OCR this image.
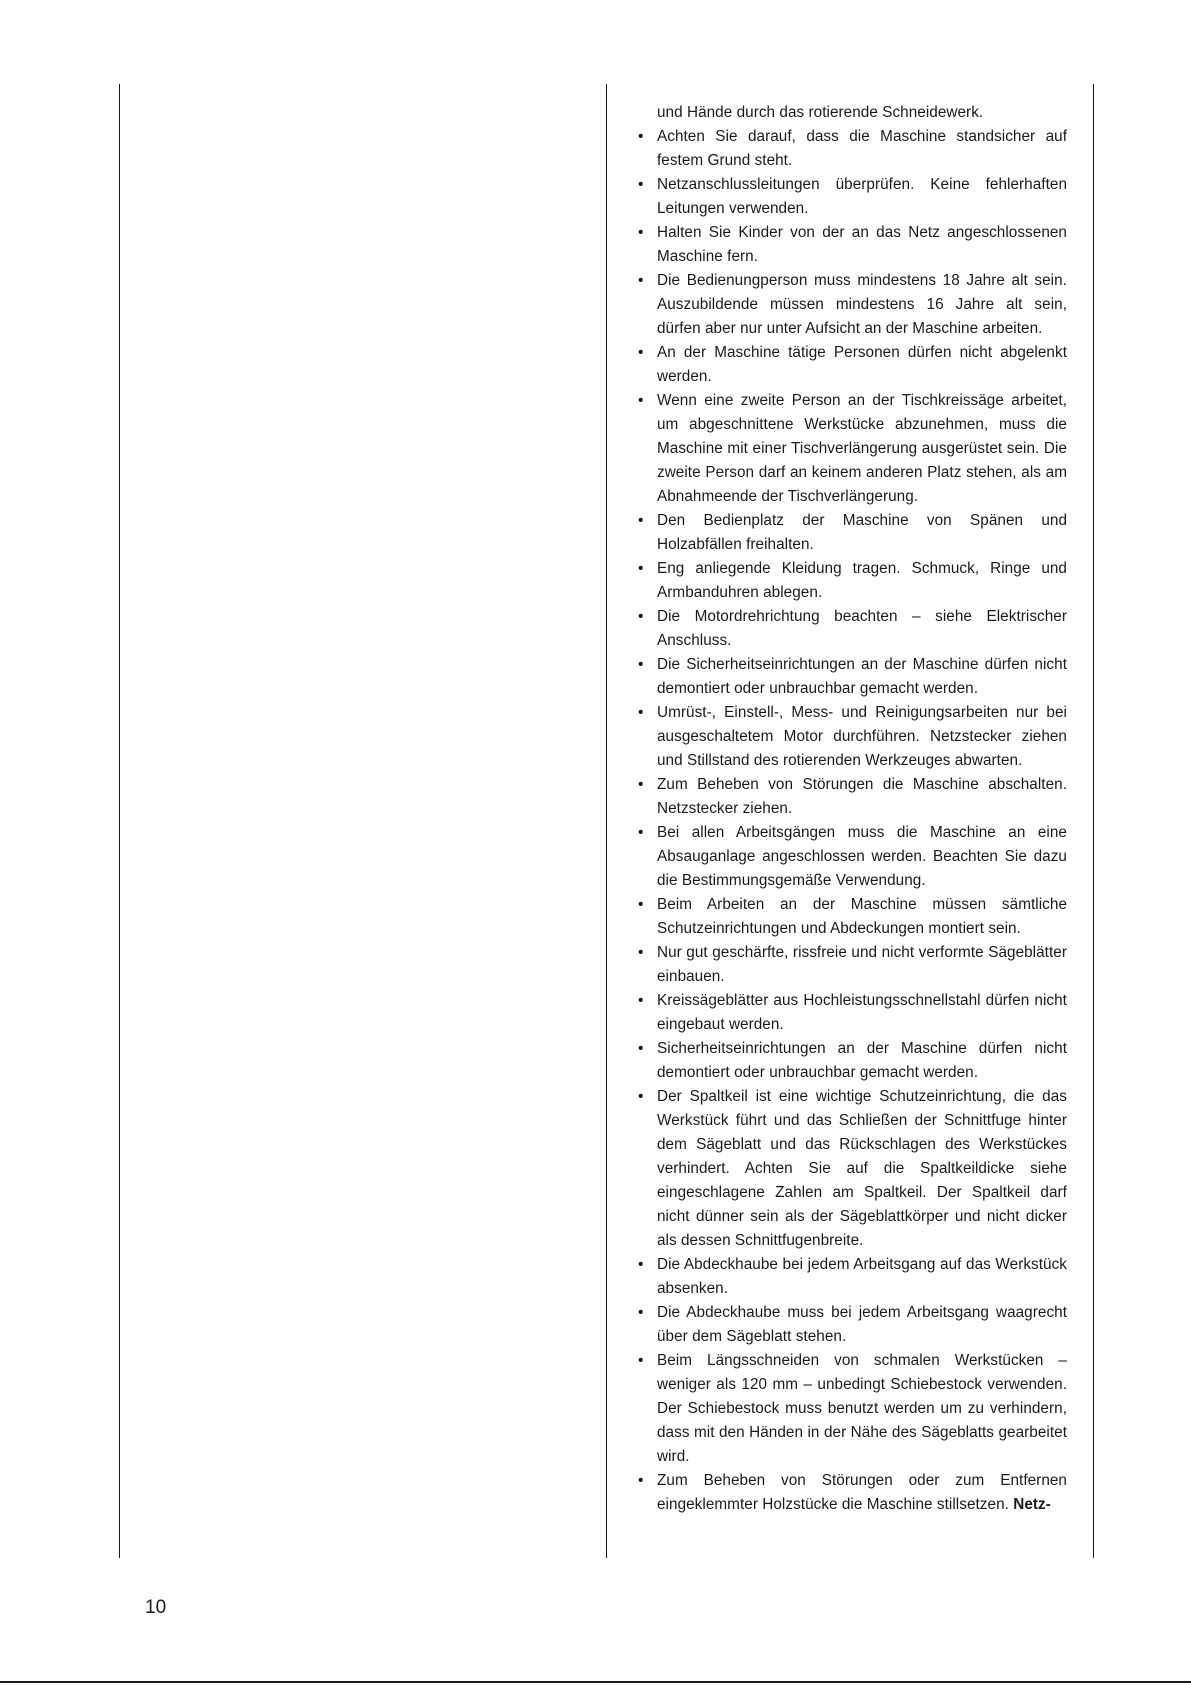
und Hände durch das rotierende Schneidewerk.

• Achten Sie darauf, dass die Maschine standsicher auf festem Grund steht.
• Netzanschlussleitungen überprüfen. Keine fehlerhaften Leitungen verwenden.
• Halten Sie Kinder von der an das Netz angeschlossenen Maschine fern.
• Die Bedienungperson muss mindestens 18 Jahre alt sein. Auszubildende müssen mindestens 16 Jahre alt sein, dürfen aber nur unter Aufsicht an der Maschine arbeiten.
• An der Maschine tätige Personen dürfen nicht abgelenkt werden.
• Wenn eine zweite Person an der Tischkreissäge arbeitet, um abgeschnittene Werkstücke abzunehmen, muss die Maschine mit einer Tischverlängerung ausgerüstet sein. Die zweite Person darf an keinem anderen Platz stehen, als am Abnahmeende der Tischverlängerung.
• Den Bedienplatz der Maschine von Spänen und Holzabfällen freihalten.
• Eng anliegende Kleidung tragen. Schmuck, Ringe und Armbanduhren ablegen.
• Die Motordrehrichtung beachten – siehe Elektrischer Anschluss.
• Die Sicherheitseinrichtungen an der Maschine dürfen nicht demontiert oder unbrauchbar gemacht werden.
• Umrüst-, Einstell-, Mess- und Reinigungsarbeiten nur bei ausgeschaltetem Motor durchführen. Netzstecker ziehen und Stillstand des rotierenden Werkzeuges abwarten.
• Zum Beheben von Störungen die Maschine abschalten. Netzstecker ziehen.
• Bei allen Arbeitsgängen muss die Maschine an eine Absauganlage angeschlossen werden. Beachten Sie dazu die Bestimmungsgemäße Verwendung.
• Beim Arbeiten an der Maschine müssen sämtliche Schutzeinrichtungen und Abdeckungen montiert sein.
• Nur gut geschärfte, rissfreie und nicht verformte Sägeblätter einbauen.
• Kreissägeblätter aus Hochleistungsschnellstahl dürfen nicht eingebaut werden.
• Sicherheitseinrichtungen an der Maschine dürfen nicht demontiert oder unbrauchbar gemacht werden.
• Der Spaltkeil ist eine wichtige Schutzeinrichtung, die das Werkstück führt und das Schließen der Schnittfuge hinter dem Sägeblatt und das Rückschlagen des Werkstückes verhindert. Achten Sie auf die Spaltkeildicke siehe eingeschlagene Zahlen am Spaltkeil. Der Spaltkeil darf nicht dünner sein als der Sägeblattkörper und nicht dicker als dessen Schnittfugenbreite.
• Die Abdeckhaube bei jedem Arbeitsgang auf das Werkstück absenken.
• Die Abdeckhaube muss bei jedem Arbeitsgang waagrecht über dem Sägeblatt stehen.
• Beim Längsschneiden von schmalen Werkstücken – weniger als 120 mm – unbedingt Schiebestock verwenden. Der Schiebestock muss benutzt werden um zu verhindern, dass mit den Händen in der Nähe des Sägeblatts gearbeitet wird.
• Zum Beheben von Störungen oder zum Entfernen eingeklemmter Holzstücke die Maschine stillsetzen. Netz-
10
